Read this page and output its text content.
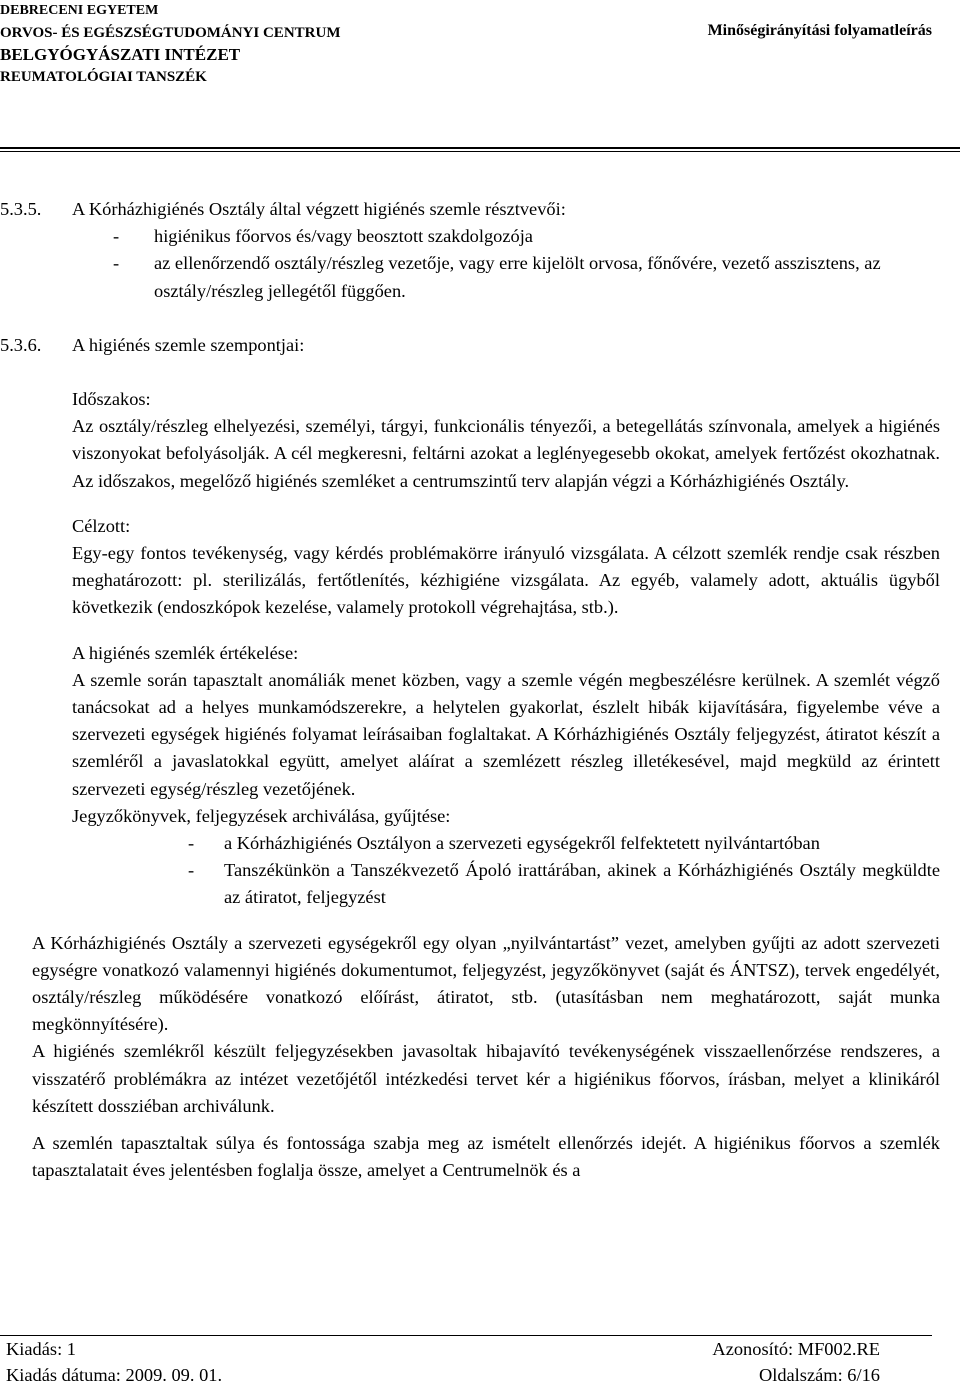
DEBRECENI EGYETEM
ORVOS- ÉS EGÉSZSÉGTUDOMÁNYI CENTRUM
BELGYÓGYÁSZATI INTÉZET
REUMATOLÓGIAI TANSZÉK
Minőségirányítási folyamatleírás
5.3.5. A Kórházhigiénés Osztály által végzett higiénés szemle résztvevői:
- higiénikus főorvos és/vagy beosztott szakdolgozója
- az ellenőrzendő osztály/részleg vezetője, vagy erre kijelölt orvosa, főnővére, vezető asszisztens, az osztály/részleg jellegétől függően.
5.3.6. A higiénés szemle szempontjai:
Időszakos:
Az osztály/részleg elhelyezési, személyi, tárgyi, funkcionális tényezői, a betegellátás színvonala, amelyek a higiénés viszonyokat befolyásolják. A cél megkeresni, feltárni azokat a leglényegesebb okokat, amelyek fertőzést okozhatnak. Az időszakos, megelőző higiénés szemléket a centrumszintű terv alapján végzi a Kórházhigiénés Osztály.
Célzott:
Egy-egy fontos tevékenység, vagy kérdés problémakörre irányuló vizsgálata. A célzott szemlék rendje csak részben meghatározott: pl. sterilizálás, fertőtlenítés, kézhigiéne vizsgálata. Az egyéb, valamely adott, aktuális ügyből következik (endoszkópok kezelése, valamely protokoll végrehajtása, stb.).
A higiénés szemlék értékelése:
A szemle során tapasztalt anomáliák menet közben, vagy a szemle végén megbeszélésre kerülnek. A szemlét végző tanácsokat ad a helyes munkamódszerekre, a helytelen gyakorlat, észlelt hibák kijavítására, figyelembe véve a szervezeti egységek higiénés folyamat leírásaiban foglaltakat. A Kórházhigiénés Osztály feljegyzést, átiratot készít a szemléről a javaslatokkal együtt, amelyet aláírat a szemlézett részleg illetékesével, majd megküld az érintett szervezeti egység/részleg vezetőjének.
Jegyzőkönyvek, feljegyzések archiválása, gyűjtése:
- a Kórházhigiénés Osztályon a szervezeti egységekről felfektetett nyilvántartóban
- Tanszékünkön a Tanszékvezető Ápoló irattárában, akinek a Kórházhigiénés Osztály megküldte az átiratot, feljegyzést
A Kórházhigiénés Osztály a szervezeti egységekről egy olyan „nyilvántartást” vezet, amelyben gyűjti az adott szervezeti egységre vonatkozó valamennyi higiénés dokumentumot, feljegyzést, jegyzőkönyvet (saját és ÁNTSZ), tervek engedélyét, osztály/részleg működésére vonatkozó előírást, átiratot, stb. (utasításban nem meghatározott, saját munka megkönnyítésére).
A higiénés szemlékről készült feljegyzésekben javasoltak hibajavító tevékenységének visszaellenőrzése rendszeres, a visszatérő problémákra az intézet vezetőjétől intézkedési tervet kér a higiénikus főorvos, írásban, melyet a klinikáról készített dossziéban archiválunk.
A szemlén tapasztaltak súlya és fontossága szabja meg az ismételt ellenőrzés idejét. A higiénikus főorvos a szemlék tapasztalatait éves jelentésben foglalja össze, amelyet a Centrumelnök és a
Kiadás: 1	Azonosító: MF002.RE
Kiadás dátuma: 2009. 09. 01.	Oldalszám: 6/16
